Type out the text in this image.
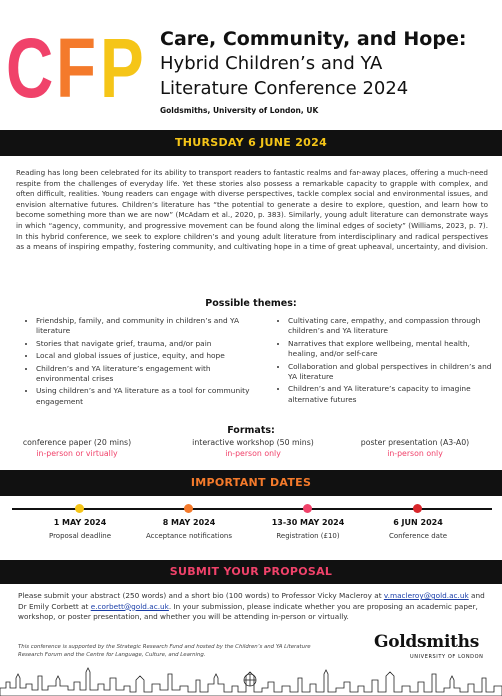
C F P Care, Community, and Hope:
Hybrid Children’s and YA
Literature Conference 2024
Goldsmiths, University of London, UK
THURSDAY 6 JUNE 2024
Reading has long been celebrated for its ability to transport readers to fantastic realms and far-away places, offering a much-need respite from the challenges of everyday life. Yet these stories also possess a remarkable capacity to grapple with complex, and often difficult, realities. Young readers can engage with diverse perspectives, tackle complex social and environmental issues, and envision alternative futures. Children’s literature has “the potential to generate a desire to explore, question, and learn how to become something more than we are now” (McAdam et al., 2020, p. 383). Similarly, young adult literature can demonstrate ways in which “agency, community, and progressive movement can be found along the liminal edges of society” (Williams, 2023, p. 7). In this hybrid conference, we seek to explore children’s and young adult literature from interdisciplinary and radical perspectives as a means of inspiring empathy, fostering community, and cultivating hope in a time of great upheaval, uncertainty, and division.
Possible themes:
• Friendship, family, and community in children’s and YA literature
• Stories that navigate grief, trauma, and/or pain
• Local and global issues of justice, equity, and hope
• Children’s and YA literature’s engagement with environmental crises
• Using children’s and YA literature as a tool for community engagement
• Cultivating care, empathy, and compassion through children’s and YA literature
• Narratives that explore wellbeing, mental health, healing, and/or self-care
• Collaboration and global perspectives in children’s and YA literature
• Children’s and YA literature’s capacity to imagine alternative futures
Formats:
conference paper (20 mins)
in-person or virtually
interactive workshop (50 mins)
in-person only
poster presentation (A3-A0)
in-person only
IMPORTANT DATES
1 MAY 2024
Proposal deadline
8 MAY 2024
Acceptance notifications
13-30 MAY 2024
Registration (£10)
6 JUN 2024
Conference date
SUBMIT YOUR PROPOSAL
Please submit your abstract (250 words) and a short bio (100 words) to Professor Vicky Macleroy at v.macleroy@gold.ac.uk and Dr Emily Corbett at e.corbett@gold.ac.uk. In your submission, please indicate whether you are proposing an academic paper, workshop, or poster presentation, and whether you will be attending in-person or virtually.
This conference is supported by the Strategic Research Fund and hosted by the Children’s and YA Literature Research Forum and the Centre for Language, Culture, and Learning.
Goldsmiths
UNIVERSITY OF LONDON
